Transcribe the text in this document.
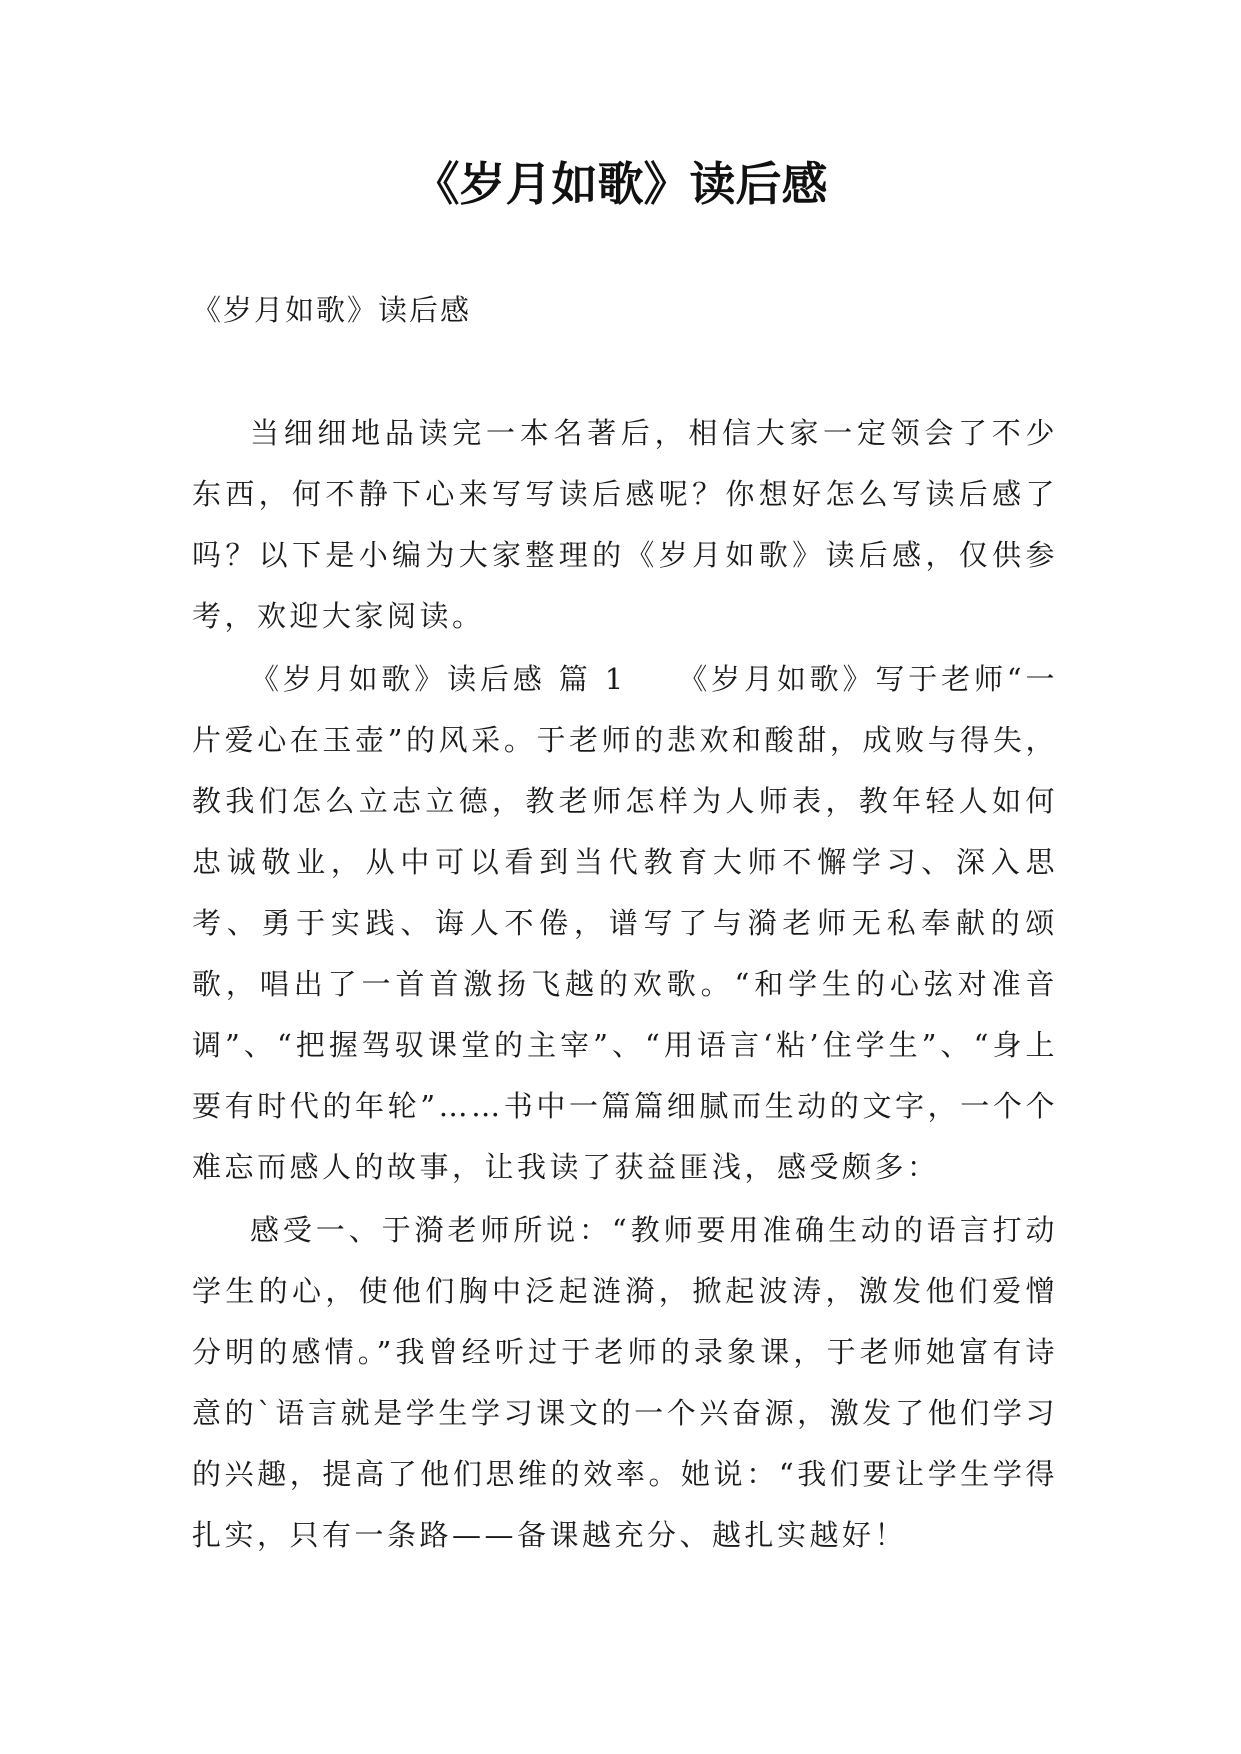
《岁月如歌》读后感

《岁月如歌》读后感

当细细地品读完一本名著后，相信大家一定领会了不少东西，何不静下心来写写读后感呢？你想好怎么写读后感了吗？以下是小编为大家整理的《岁月如歌》读后感，仅供参考，欢迎大家阅读。

《岁月如歌》读后感 篇 1　　《岁月如歌》写于老师“一片爱心在玉壶”的风采。于老师的悲欢和酸甜，成败与得失，教我们怎么立志立德，教老师怎样为人师表，教年轻人如何忠诚敬业，从中可以看到当代教育大师不懈学习、深入思考、勇于实践、诲人不倦，谱写了与漪老师无私奉献的颂歌，唱出了一首首激扬飞越的欢歌。“和学生的心弦对准音调”、“把握驾驭课堂的主宰”、“用语言‘粘’住学生”、“身上要有时代的年轮”……书中一篇篇细腻而生动的文字，一个个难忘而感人的故事，让我读了获益匪浅，感受颇多：

感受一、于漪老师所说：“教师要用准确生动的语言打动学生的心，使他们胸中泛起涟漪，掀起波涛，激发他们爱憎分明的感情。”我曾经听过于老师的录象课，于老师她富有诗意的`语言就是学生学习课文的一个兴奋源，激发了他们学习的兴趣，提高了他们思维的效率。她说：“我们要让学生学得扎实，只有一条路——备课越充分、越扎实越好！
